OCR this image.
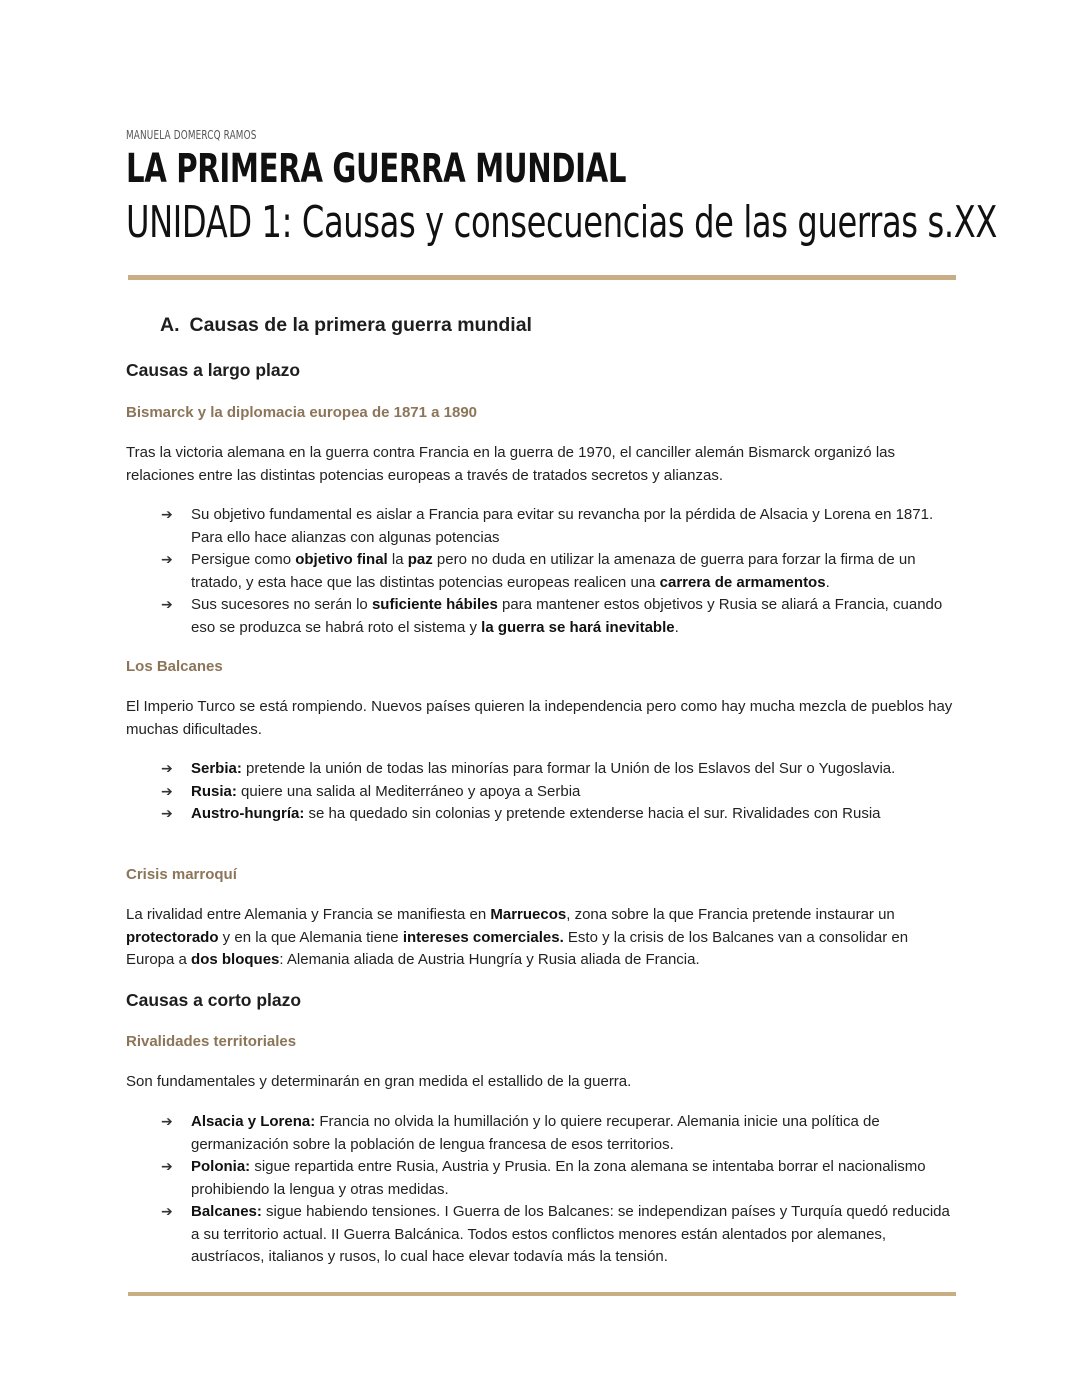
MANUELA DOMERCQ RAMOS
LA PRIMERA GUERRA MUNDIAL
UNIDAD 1: Causas y consecuencias de las guerras s.XX
A. Causas de la primera guerra mundial
Causas a largo plazo
Bismarck y la diplomacia europea de 1871 a 1890

Tras la victoria alemana en la guerra contra Francia en la guerra de 1970, el canciller alemán Bismarck organizó las relaciones entre las distintas potencias europeas a través de tratados secretos y alianzas.

➔ Su objetivo fundamental es aislar a Francia para evitar su revancha por la pérdida de Alsacia y Lorena en 1871. Para ello hace alianzas con algunas potencias
➔ Persigue como objetivo final la paz pero no duda en utilizar la amenaza de guerra para forzar la firma de un tratado, y esta hace que las distintas potencias europeas realicen una carrera de armamentos.
➔ Sus sucesores no serán lo suficiente hábiles para mantener estos objetivos y Rusia se aliará a Francia, cuando eso se produzca se habrá roto el sistema y la guerra se hará inevitable.
Los Balcanes

El Imperio Turco se está rompiendo. Nuevos países quieren la independencia pero como hay mucha mezcla de pueblos hay muchas dificultades.

➔ Serbia: pretende la unión de todas las minorías para formar la Unión de los Eslavos del Sur o Yugoslavia.
➔ Rusia: quiere una salida al Mediterráneo y apoya a Serbia
➔ Austro-hungría: se ha quedado sin colonias y pretende extenderse hacia el sur. Rivalidades con Rusia
Crisis marroquí

La rivalidad entre Alemania y Francia se manifiesta en Marruecos, zona sobre la que Francia pretende instaurar un protectorado y en la que Alemania tiene intereses comerciales. Esto y la crisis de los Balcanes van a consolidar en Europa a dos bloques: Alemania aliada de Austria Hungría y Rusia aliada de Francia.

Causas a corto plazo
Rivalidades territoriales

Son fundamentales y determinarán en gran medida el estallido de la guerra.

➔ Alsacia y Lorena: Francia no olvida la humillación y lo quiere recuperar. Alemania inicie una política de germanización sobre la población de lengua francesa de esos territorios.
➔ Polonia: sigue repartida entre Rusia, Austria y Prusia. En la zona alemana se intentaba borrar el nacionalismo prohibiendo la lengua y otras medidas.
➔ Balcanes: sigue habiendo tensiones. I Guerra de los Balcanes: se independizan países y Turquía quedó reducida a su territorio actual. II Guerra Balcánica. Todos estos conflictos menores están alentados por alemanes, austríacos, italianos y rusos, lo cual hace elevar todavía más la tensión.
